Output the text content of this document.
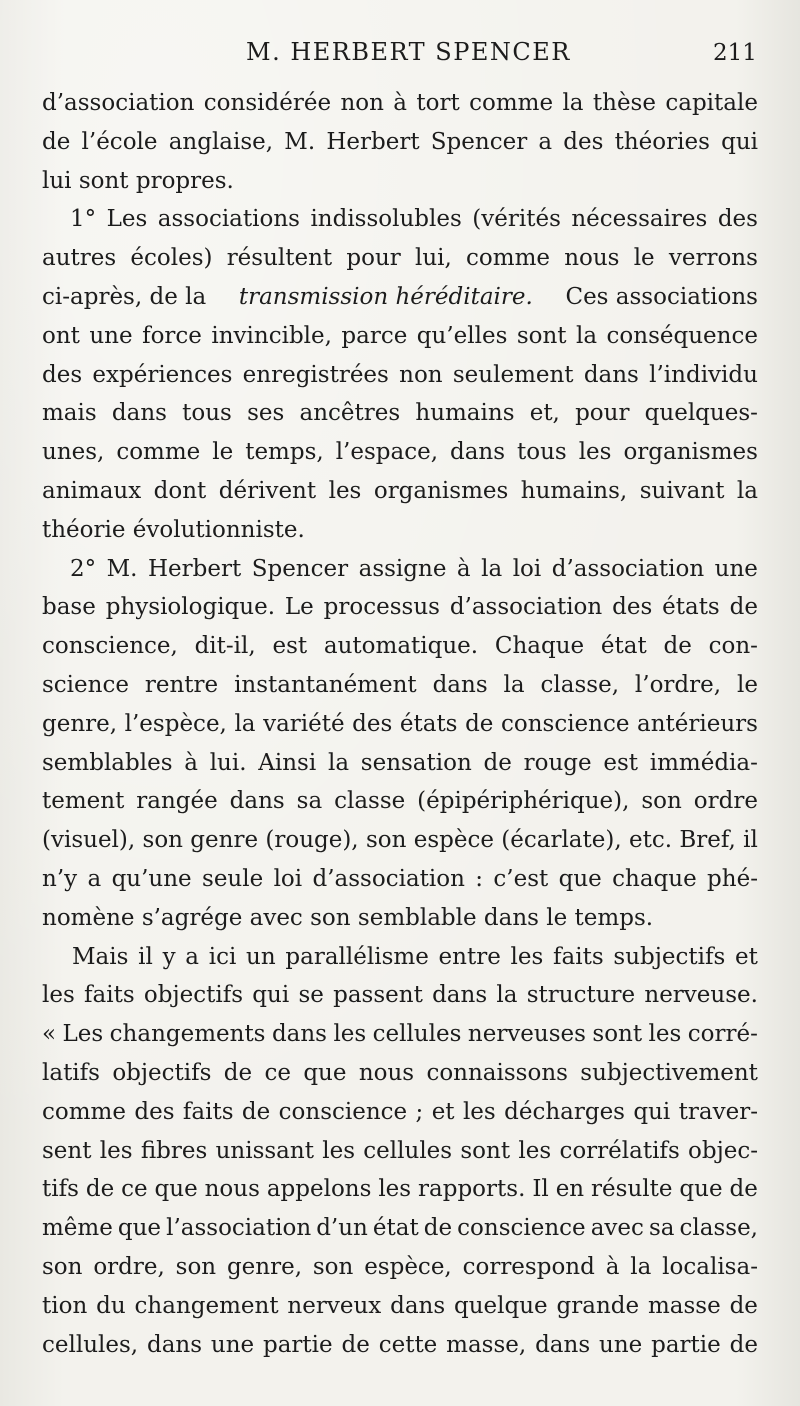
M. HERBERT SPENCER	211
d’association considérée non à tort comme la thèse capitale
de l’école anglaise, M. Herbert Spencer a des théories qui
lui sont propres.
1° Les associations indissolubles (vérités nécessaires des
autres écoles) résultent pour lui, comme nous le verrons
ci-après, de la transmission héréditaire. Ces associations
ont une force invincible, parce qu’elles sont la conséquence
des expériences enregistrées non seulement dans l’individu
mais dans tous ses ancêtres humains et, pour quelques-
unes, comme le temps, l’espace, dans tous les organismes
animaux dont dérivent les organismes humains, suivant la
théorie évolutionniste.
2° M. Herbert Spencer assigne à la loi d’association une
base physiologique. Le processus d’association des états de
conscience, dit-il, est automatique. Chaque état de con-
science rentre instantanément dans la classe, l’ordre, le
genre, l’espèce, la variété des états de conscience antérieurs
semblables à lui. Ainsi la sensation de rouge est immédia-
tement rangée dans sa classe (épipériphérique), son ordre
(visuel), son genre (rouge), son espèce (écarlate), etc. Bref, il
n’y a qu’une seule loi d’association : c’est que chaque phé-
nomène s’agrége avec son semblable dans le temps.
Mais il y a ici un parallélisme entre les faits subjectifs et
les faits objectifs qui se passent dans la structure nerveuse.
« Les changements dans les cellules nerveuses sont les corré-
latifs objectifs de ce que nous connaissons subjectivement
comme des faits de conscience ; et les décharges qui traver-
sent les fibres unissant les cellules sont les corrélatifs objec-
tifs de ce que nous appelons les rapports. Il en résulte que de
même que l’association d’un état de conscience avec sa classe,
son ordre, son genre, son espèce, correspond à la localisa-
tion du changement nerveux dans quelque grande masse de
cellules, dans une partie de cette masse, dans une partie de
